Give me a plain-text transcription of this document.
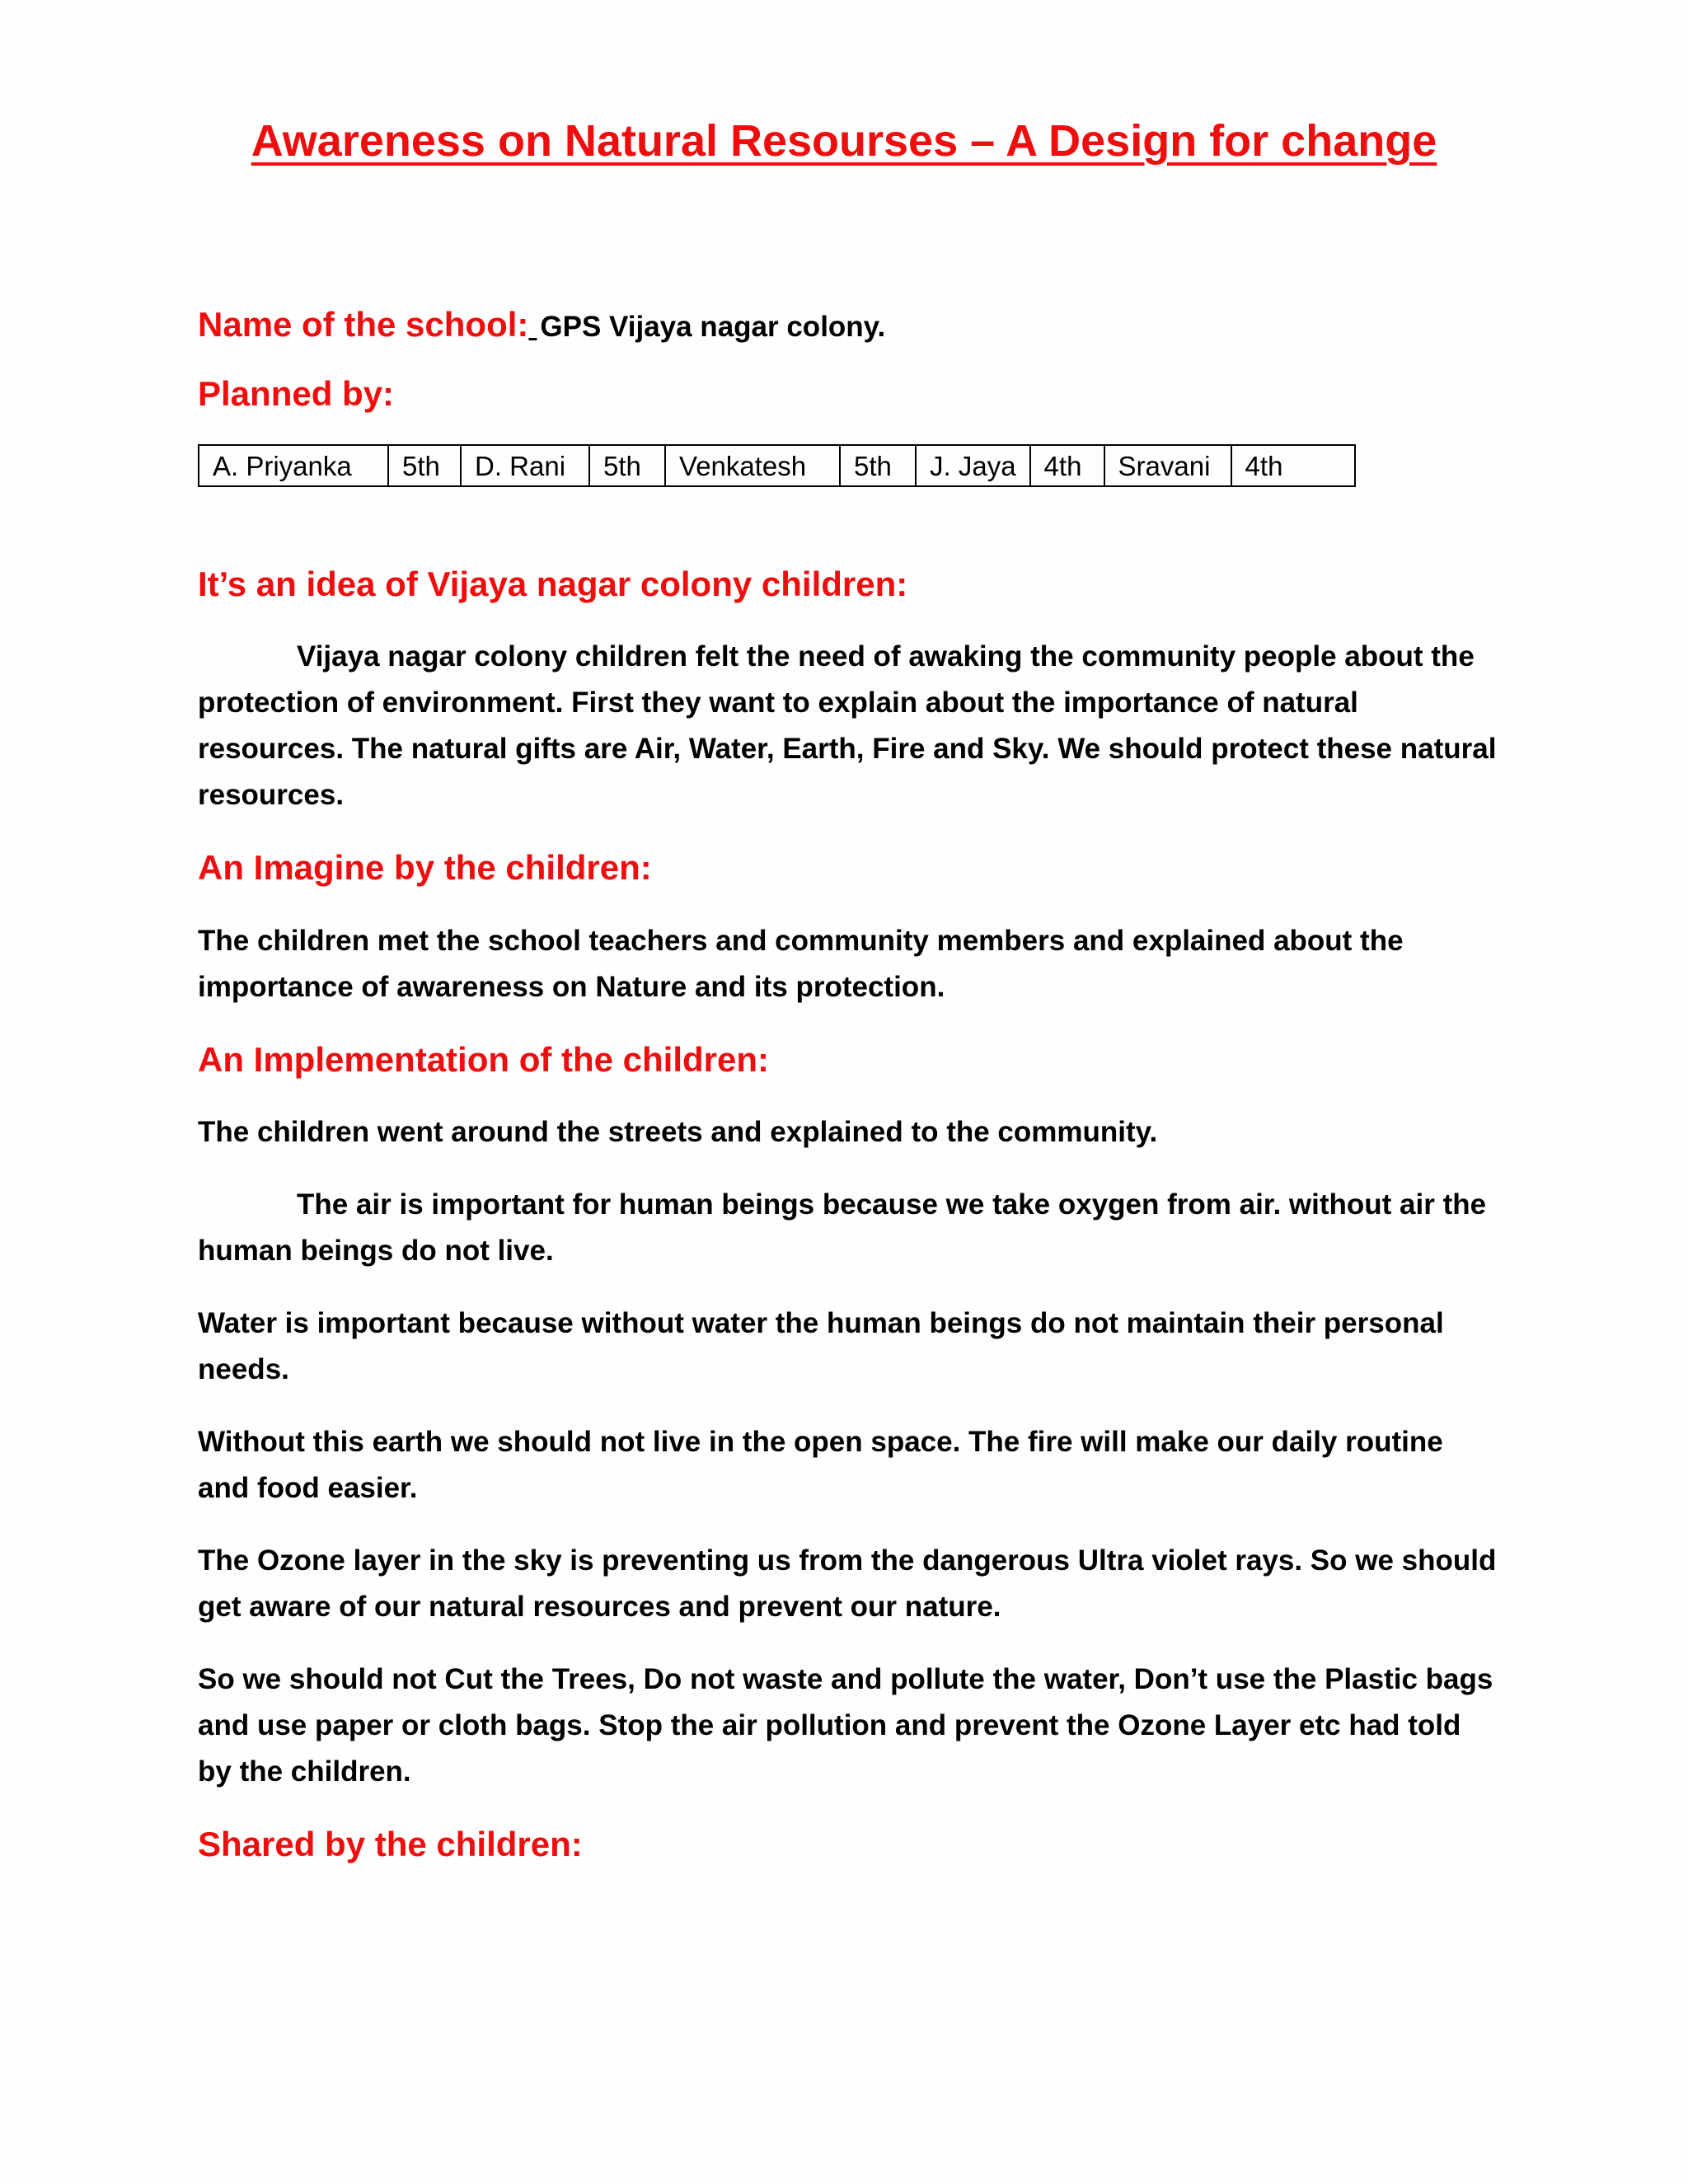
Awareness on Natural Resourses – A Design for change
Name of the school:
GPS Vijaya nagar colony.
Planned by:
A. Priyanka	5th	D. Rani	5th	Venkatesh	5th	J. Jaya	4th	Sravani	4th
It’s an idea of Vijaya nagar colony children:

Vijaya nagar colony children felt the need of awaking the community people about the protection of environment. First they want to explain about the importance of natural resources. The natural gifts are Air, Water, Earth, Fire and Sky. We should protect these natural resources.

An Imagine by the children:

The children met the school teachers and community members and explained about the importance of awareness on Nature and its protection.

An Implementation of the children:

The children went around the streets and explained to the community.

The air is important for human beings because we take oxygen from air. without air the human beings do not live.

Water is important because without water the human beings do not maintain their personal needs.

Without this earth we should not live in the open space. The fire will make our daily routine and food easier.

The Ozone layer in the sky is preventing us from the dangerous Ultra violet rays. So we should get aware of our natural resources and prevent our nature.

So we should not Cut the Trees, Do not waste and pollute the water, Don’t use the Plastic bags and use paper or cloth bags. Stop the air pollution and prevent the Ozone Layer etc had told by the children.

Shared by the children:
